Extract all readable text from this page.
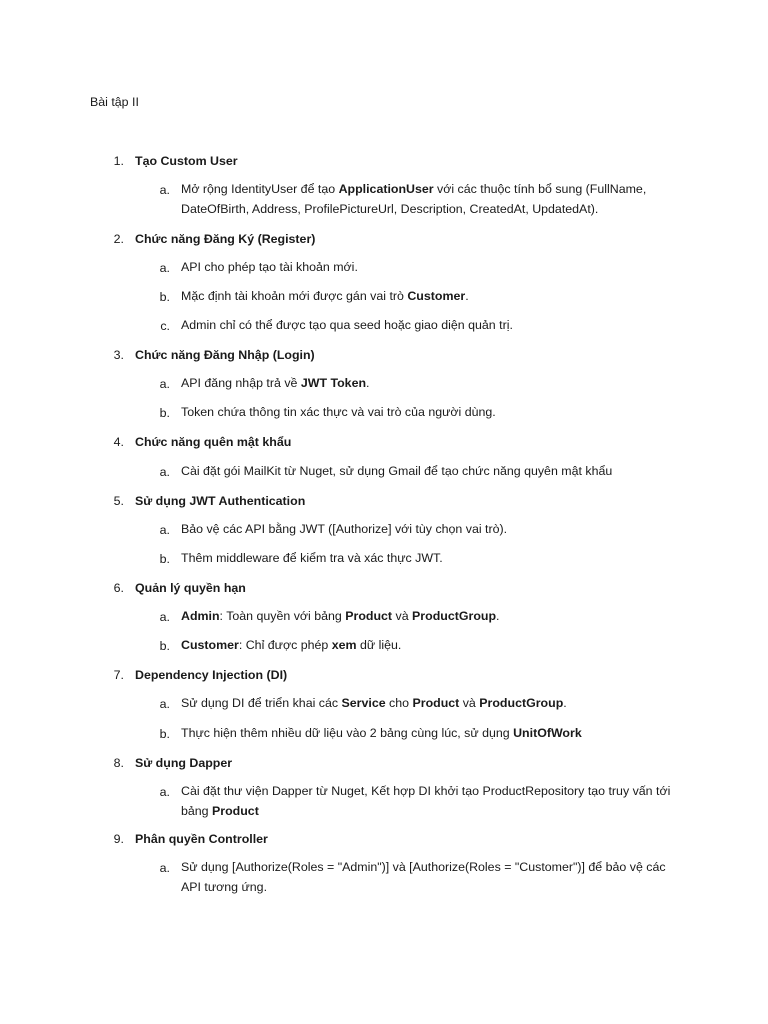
Bài tập II
1. Tạo Custom User
a. Mở rộng IdentityUser để tạo ApplicationUser với các thuộc tính bổ sung (FullName, DateOfBirth, Address, ProfilePictureUrl, Description, CreatedAt, UpdatedAt).
2. Chức năng Đăng Ký (Register)
a. API cho phép tạo tài khoản mới.
b. Mặc định tài khoản mới được gán vai trò Customer.
c. Admin chỉ có thể được tạo qua seed hoặc giao diện quản trị.
3. Chức năng Đăng Nhập (Login)
a. API đăng nhập trả về JWT Token.
b. Token chứa thông tin xác thực và vai trò của người dùng.
4. Chức năng quên mật khẩu
a. Cài đặt gói MailKit từ Nuget, sử dụng Gmail để tạo chức năng quyên mật khẩu
5. Sử dụng JWT Authentication
a. Bảo vệ các API bằng JWT ([Authorize] với tùy chọn vai trò).
b. Thêm middleware để kiểm tra và xác thực JWT.
6. Quản lý quyền hạn
a. Admin: Toàn quyền với bảng Product và ProductGroup.
b. Customer: Chỉ được phép xem dữ liệu.
7. Dependency Injection (DI)
a. Sử dụng DI để triển khai các Service cho Product và ProductGroup.
b. Thực hiện thêm nhiều dữ liệu vào 2 bảng cùng lúc, sử dụng UnitOfWork
8. Sử dụng Dapper
a. Cài đặt thư viện Dapper từ Nuget, Kết hợp DI khởi tạo ProductRepository tạo truy vấn tới bảng Product
9. Phân quyền Controller
a. Sử dụng [Authorize(Roles = "Admin")] và [Authorize(Roles = "Customer")] để bảo vệ các API tương ứng.
